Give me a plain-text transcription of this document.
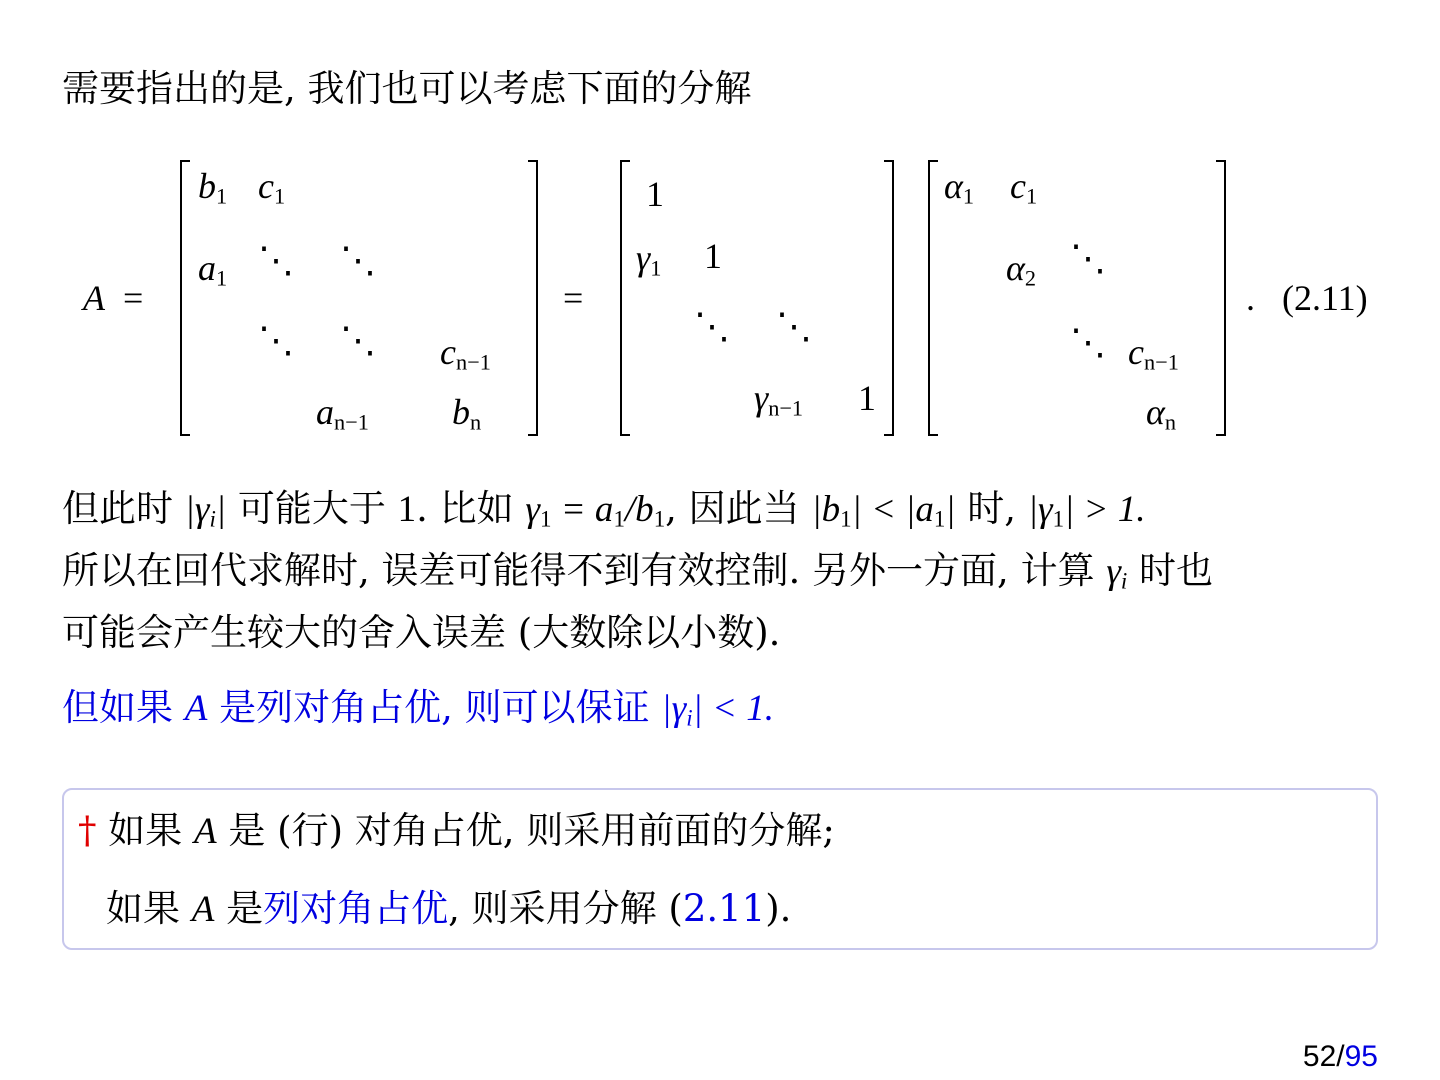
需要指出的是, 我们也可以考虑下面的分解
A =
$b_1$ $c_1$
$a_1$ ⋱ ⋱
⋱ ⋱ $c_{n-1}$
$a_{n-1}$ $b_n$
=
1
$\gamma_1$ 1
⋱ ⋱
$\gamma_{n-1}$ 1
$\alpha_1$ $c_1$
$\alpha_2$
⋱
⋱ $c_{n-1}$
$\alpha_n$
. (2.11)
但此时 $|\gamma_i|$ 可能大于 1. 比如 $\gamma_1 = a_1/b_1$, 因此当 $|b_1| < |a_1|$ 时, $|\gamma_1| > 1$.
所以在回代求解时, 误差可能得不到有效控制. 另外一方面, 计算 $\gamma_i$ 时也
可能会产生较大的舍入误差 (大数除以小数).
但如果 A 是列对角占优, 则可以保证 $|\gamma_i| < 1$.
† 如果 A 是 (行) 对角占优, 则采用前面的分解;
如果 A 是列对角占优, 则采用分解 (2.11).
52/95
